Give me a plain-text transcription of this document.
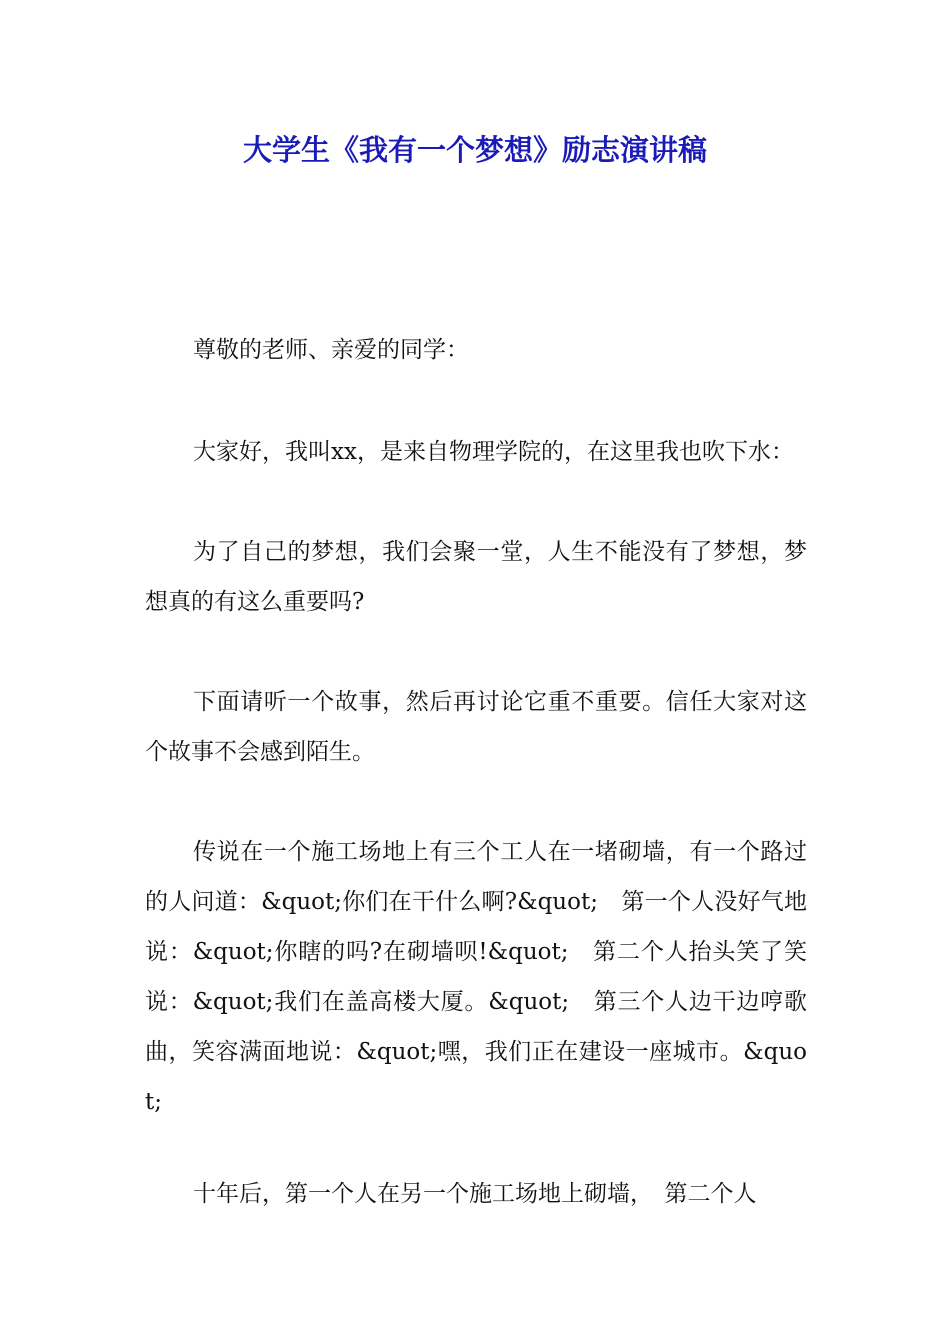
大学生《我有一个梦想》励志演讲稿

尊敬的老师、亲爱的同学：

大家好，我叫xx，是来自物理学院的，在这里我也吹下水：

为了自己的梦想，我们会聚一堂，人生不能没有了梦想，梦想真的有这么重要吗?

下面请听一个故事，然后再讨论它重不重要。信任大家对这个故事不会感到陌生。

传说在一个施工场地上有三个工人在一堵砌墙，有一个路过的人问道：&quot;你们在干什么啊?&quot;　第一个人没好气地说：&quot;你瞎的吗?在砌墙呗!&quot;　第二个人抬头笑了笑说：&quot;我们在盖高楼大厦。&quot;　第三个人边干边哼歌曲，笑容满面地说：&quot;嘿，我们正在建设一座城市。&quot;

十年后，第一个人在另一个施工场地上砌墙，　第二个人
